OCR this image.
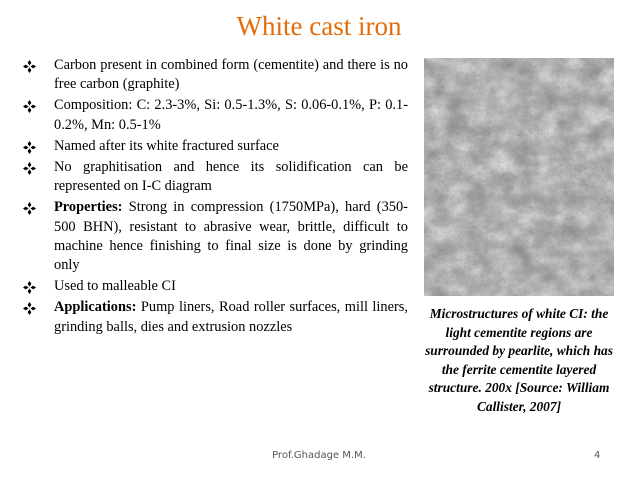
White cast iron
Carbon present in combined form (cementite) and there is no free carbon (graphite)
Composition: C: 2.3-3%, Si: 0.5-1.3%, S: 0.06-0.1%, P: 0.1-0.2%, Mn: 0.5-1%
Named after its white fractured surface
No graphitisation and hence its solidification can be represented on I-C diagram
Properties: Strong in compression (1750MPa), hard (350-500 BHN), resistant to abrasive wear, brittle, difficult to machine hence finishing to final size is done by grinding only
Used to malleable CI
Applications: Pump liners, Road roller surfaces, mill liners, grinding balls, dies and extrusion nozzles
Microstructures of white CI: the light cementite regions are surrounded by pearlite, which has the ferrite cementite layered structure. 200x [Source: William Callister, 2007]
Prof.Ghadage M.M.	4
